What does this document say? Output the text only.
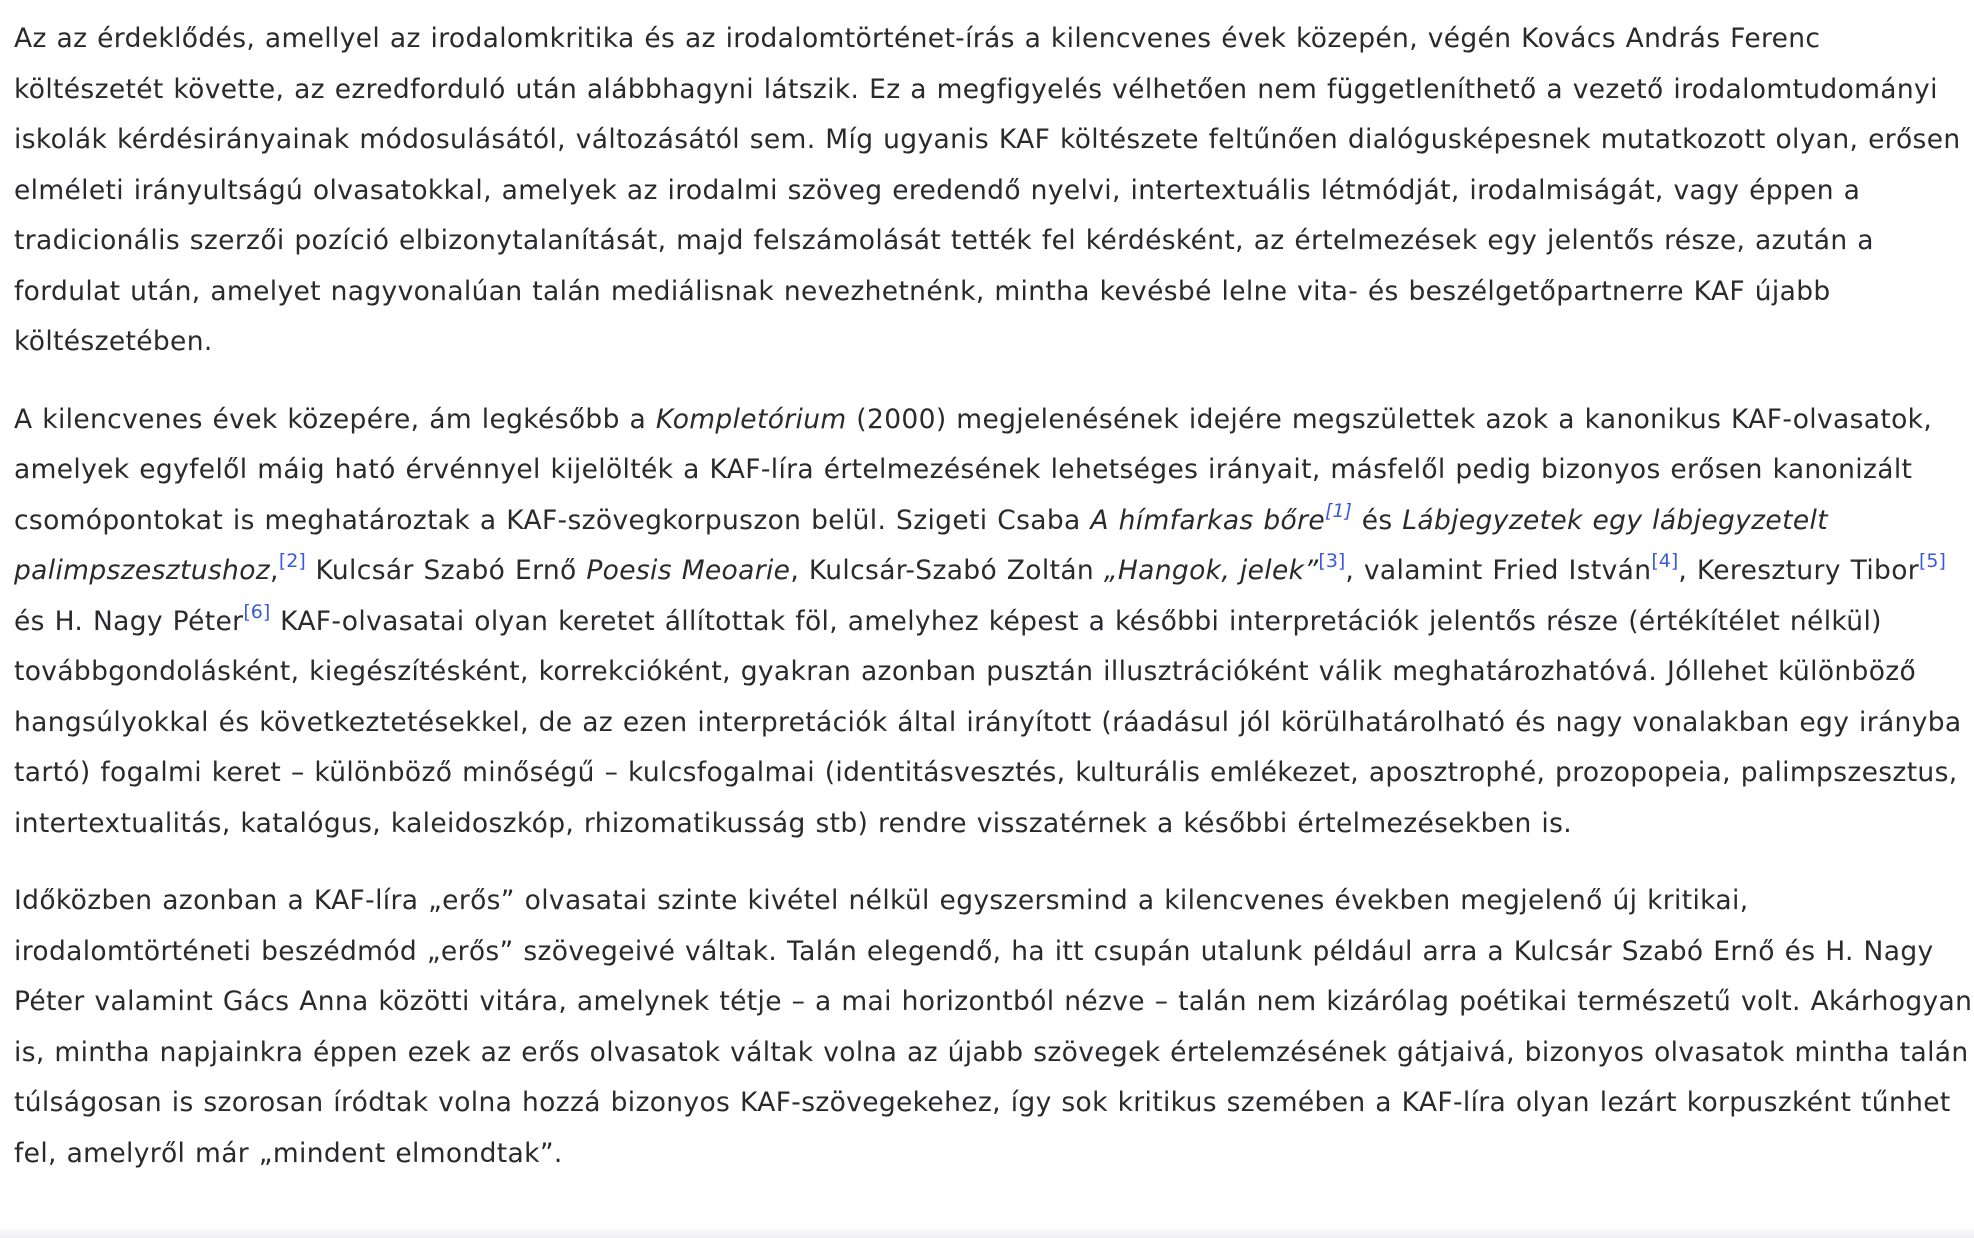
Az az érdeklődés, amellyel az irodalomkritika és az irodalomtörténet-írás a kilencvenes évek közepén, végén Kovács András Ferenc költészetét követte, az ezredforduló után alábbhagyni látszik. Ez a megfigyelés vélhetően nem függetleníthető a vezető irodalomtudományi iskolák kérdésirányainak módosulásától, változásától sem. Míg ugyanis KAF költészete feltűnően dialógusképesnek mutatkozott olyan, erősen elméleti irányultságú olvasatokkal, amelyek az irodalmi szöveg eredendő nyelvi, intertextuális létmódját, irodalmiságát, vagy éppen a tradicionális szerzői pozíció elbizonytalanítását, majd felszámolását tették fel kérdésként, az értelmezések egy jelentős része, azután a fordulat után, amelyet nagyvonalúan talán mediálisnak nevezhetnénk, mintha kevésbé lelne vita- és beszélgetőpartnerre KAF újabb költészetében.

A kilencvenes évek közepére, ám legkésőbb a Kompletórium (2000) megjelenésének idejére megszülettek azok a kanonikus KAF-olvasatok, amelyek egyfelől máig ható érvénnyel kijelölték a KAF-líra értelmezésének lehetséges irányait, másfelől pedig bizonyos erősen kanonizált csomópontokat is meghatároztak a KAF-szövegkorpuszon belül. Szigeti Csaba A hímfarkas bőre[1] és Lábjegyzetek egy lábjegyzetelt palimpszesztushoz,[2] Kulcsár Szabó Ernő Poesis Meoarie, Kulcsár-Szabó Zoltán „Hangok, jelek”[3], valamint Fried István[4], Keresztury Tibor[5] és H. Nagy Péter[6] KAF-olvasatai olyan keretet állítottak föl, amelyhez képest a későbbi interpretációk jelentős része (értékítélet nélkül) továbbgondolásként, kiegészítésként, korrekcióként, gyakran azonban pusztán illusztrációként válik meghatározhatóvá. Jóllehet különböző hangsúlyokkal és következtetésekkel, de az ezen interpretációk által irányított (ráadásul jól körülhatárolható és nagy vonalakban egy irányba tartó) fogalmi keret – különböző minőségű – kulcsfogalmai (identitásvesztés, kulturális emlékezet, aposztrophé, prozopopeia, palimpszesztus, intertextualitás, katalógus, kaleidoszkóp, rhizomatikusság stb) rendre visszatérnek a későbbi értelmezésekben is.

Időközben azonban a KAF-líra „erős” olvasatai szinte kivétel nélkül egyszersmind a kilencvenes években megjelenő új kritikai, irodalomtörténeti beszédmód „erős” szövegeivé váltak. Talán elegendő, ha itt csupán utalunk például arra a Kulcsár Szabó Ernő és H. Nagy Péter valamint Gács Anna közötti vitára, amelynek tétje – a mai horizontból nézve – talán nem kizárólag poétikai természetű volt. Akárhogyan is, mintha napjainkra éppen ezek az erős olvasatok váltak volna az újabb szövegek értelemzésének gátjaivá, bizonyos olvasatok mintha talán túlságosan is szorosan íródtak volna hozzá bizonyos KAF-szövegekehez, így sok kritikus szemében a KAF-líra olyan lezárt korpuszként tűnhet fel, amelyről már „mindent elmondtak”.
